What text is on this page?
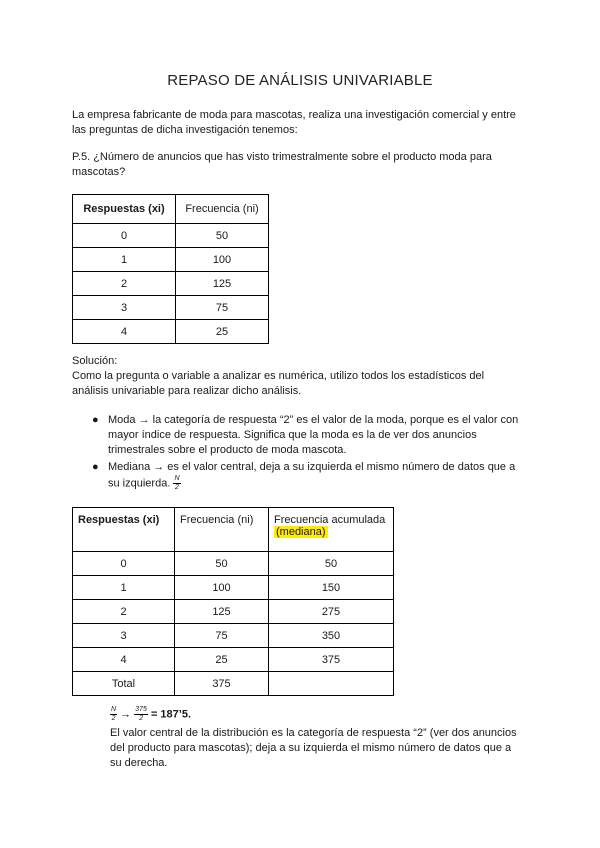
REPASO DE ANÁLISIS UNIVARIABLE
La empresa fabricante de moda para mascotas, realiza una investigación comercial y entre
las preguntas de dicha investigación tenemos:
P.5. ¿Número de anuncios que has visto trimestralmente sobre el producto moda para
mascotas?
Respuestas (xi)	Frecuencia (ni)
0	50
1	100
2	125
3	75
4	25
Solución:
Como la pregunta o variable a analizar es numérica, utilizo todos los estadísticos del
análisis univariable para realizar dicho análisis.
● Moda → la categoría de respuesta “2” es el valor de la moda, porque es el valor con
mayor índice de respuesta. Significa que la moda es la de ver dos anuncios
trimestrales sobre el producto de moda mascota.
● Mediana → es el valor central, deja a su izquierda el mismo número de datos que a
su izquierda. $\frac{N}{2}$
Respuestas (xi)	Frecuencia (ni)	Frecuencia acumulada
(mediana)

0	50	50
1	100	150
2	125	275
3	75	350
4	25	375
Total	375	
$\frac{N}{2} \to \frac{375}{2}$ = 187’5.
El valor central de la distribución es la categoría de respuesta “2” (ver dos anuncios
del producto para mascotas); deja a su izquierda el mismo número de datos que a
su derecha.
